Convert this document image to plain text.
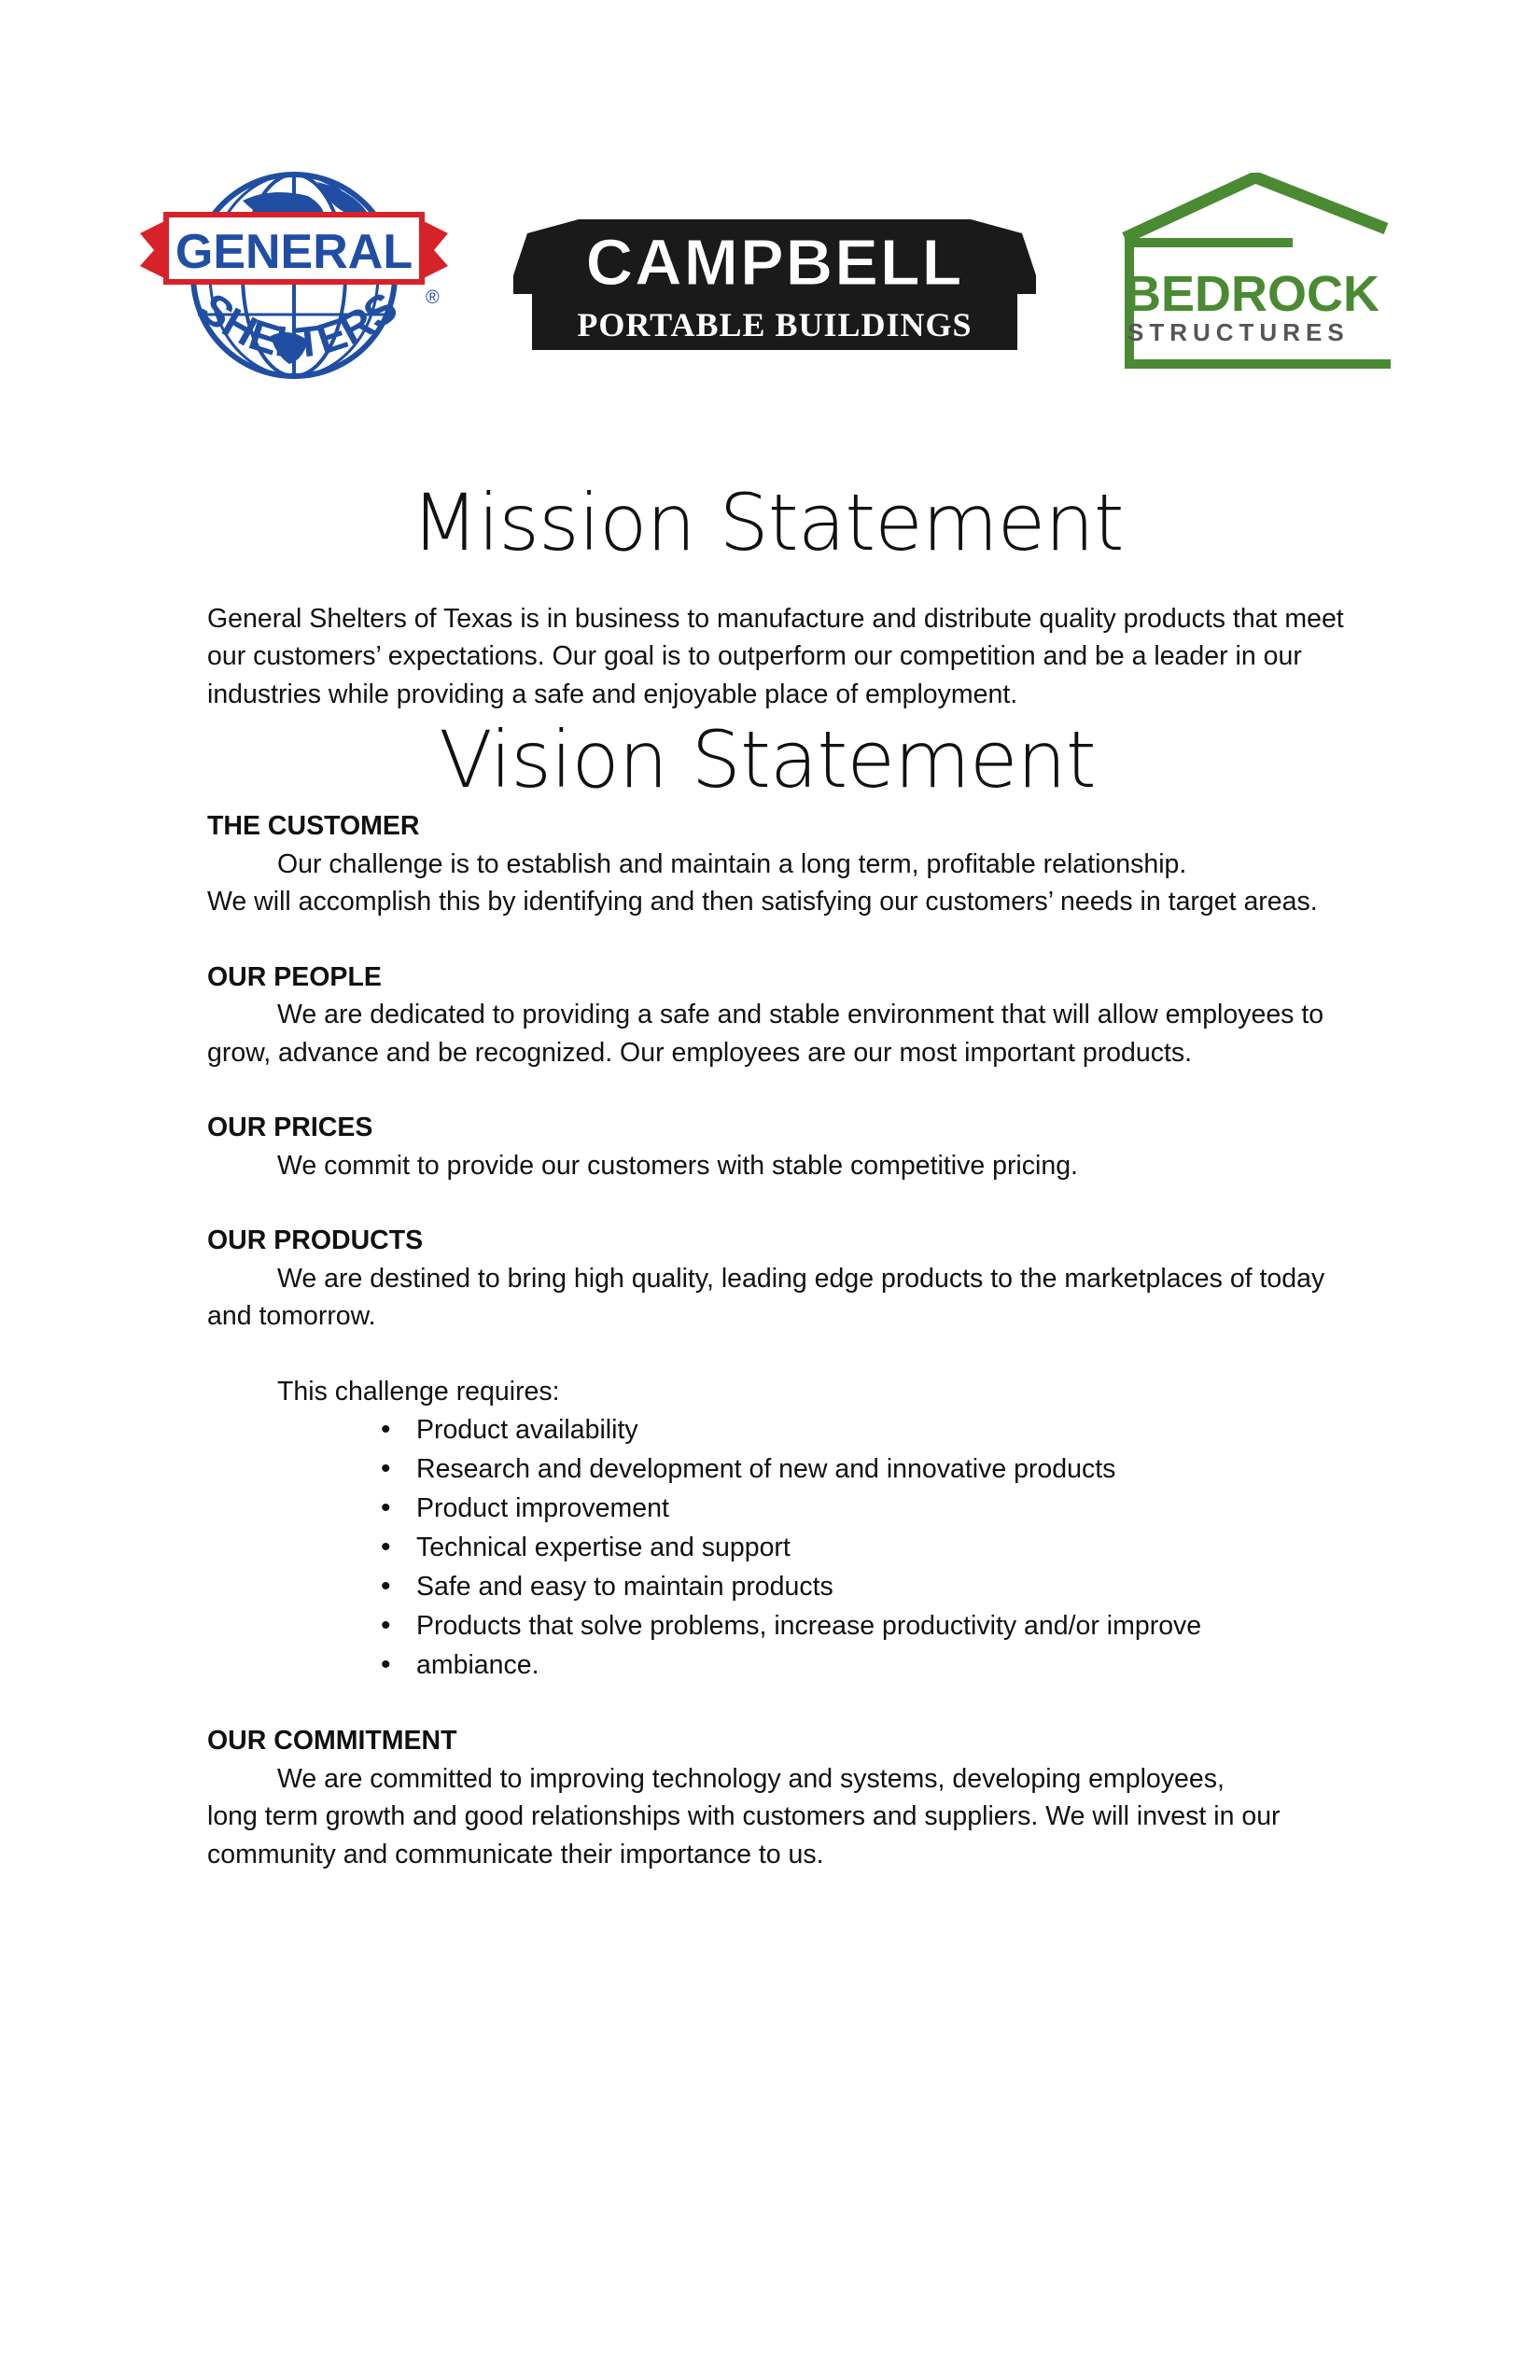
GENERAL
SHELTERS ® CAMPBELL
PORTABLE BUILDINGS
BEDROCK
STRUCTURES
Mission Statement

General Shelters of Texas is in business to manufacture and distribute quality products that meet our customers’ expectations. Our goal is to outperform our competition and be a leader in our industries while providing a safe and enjoyable place of employment.

Vision Statement
THE CUSTOMER
Our challenge is to establish and maintain a long term, profitable relationship.
We will accomplish this by identifying and then satisfying our customers’ needs in target areas.
OUR PEOPLE

We are dedicated to providing a safe and stable environment that will allow employees to grow, advance and be recognized. Our employees are our most important products.

OUR PRICES
We commit to provide our customers with stable competitive pricing.
OUR PRODUCTS

We are destined to bring high quality, leading edge products to the marketplaces of today and tomorrow.

This challenge requires:
• Product availability
• Research and development of new and innovative products
• Product improvement
• Technical expertise and support
• Safe and easy to maintain products
• Products that solve problems, increase productivity and/or improve
• ambiance.
OUR COMMITMENT
We are committed to improving technology and systems, developing employees,
long term growth and good relationships with customers and suppliers. We will invest in our community and communicate their importance to us.
